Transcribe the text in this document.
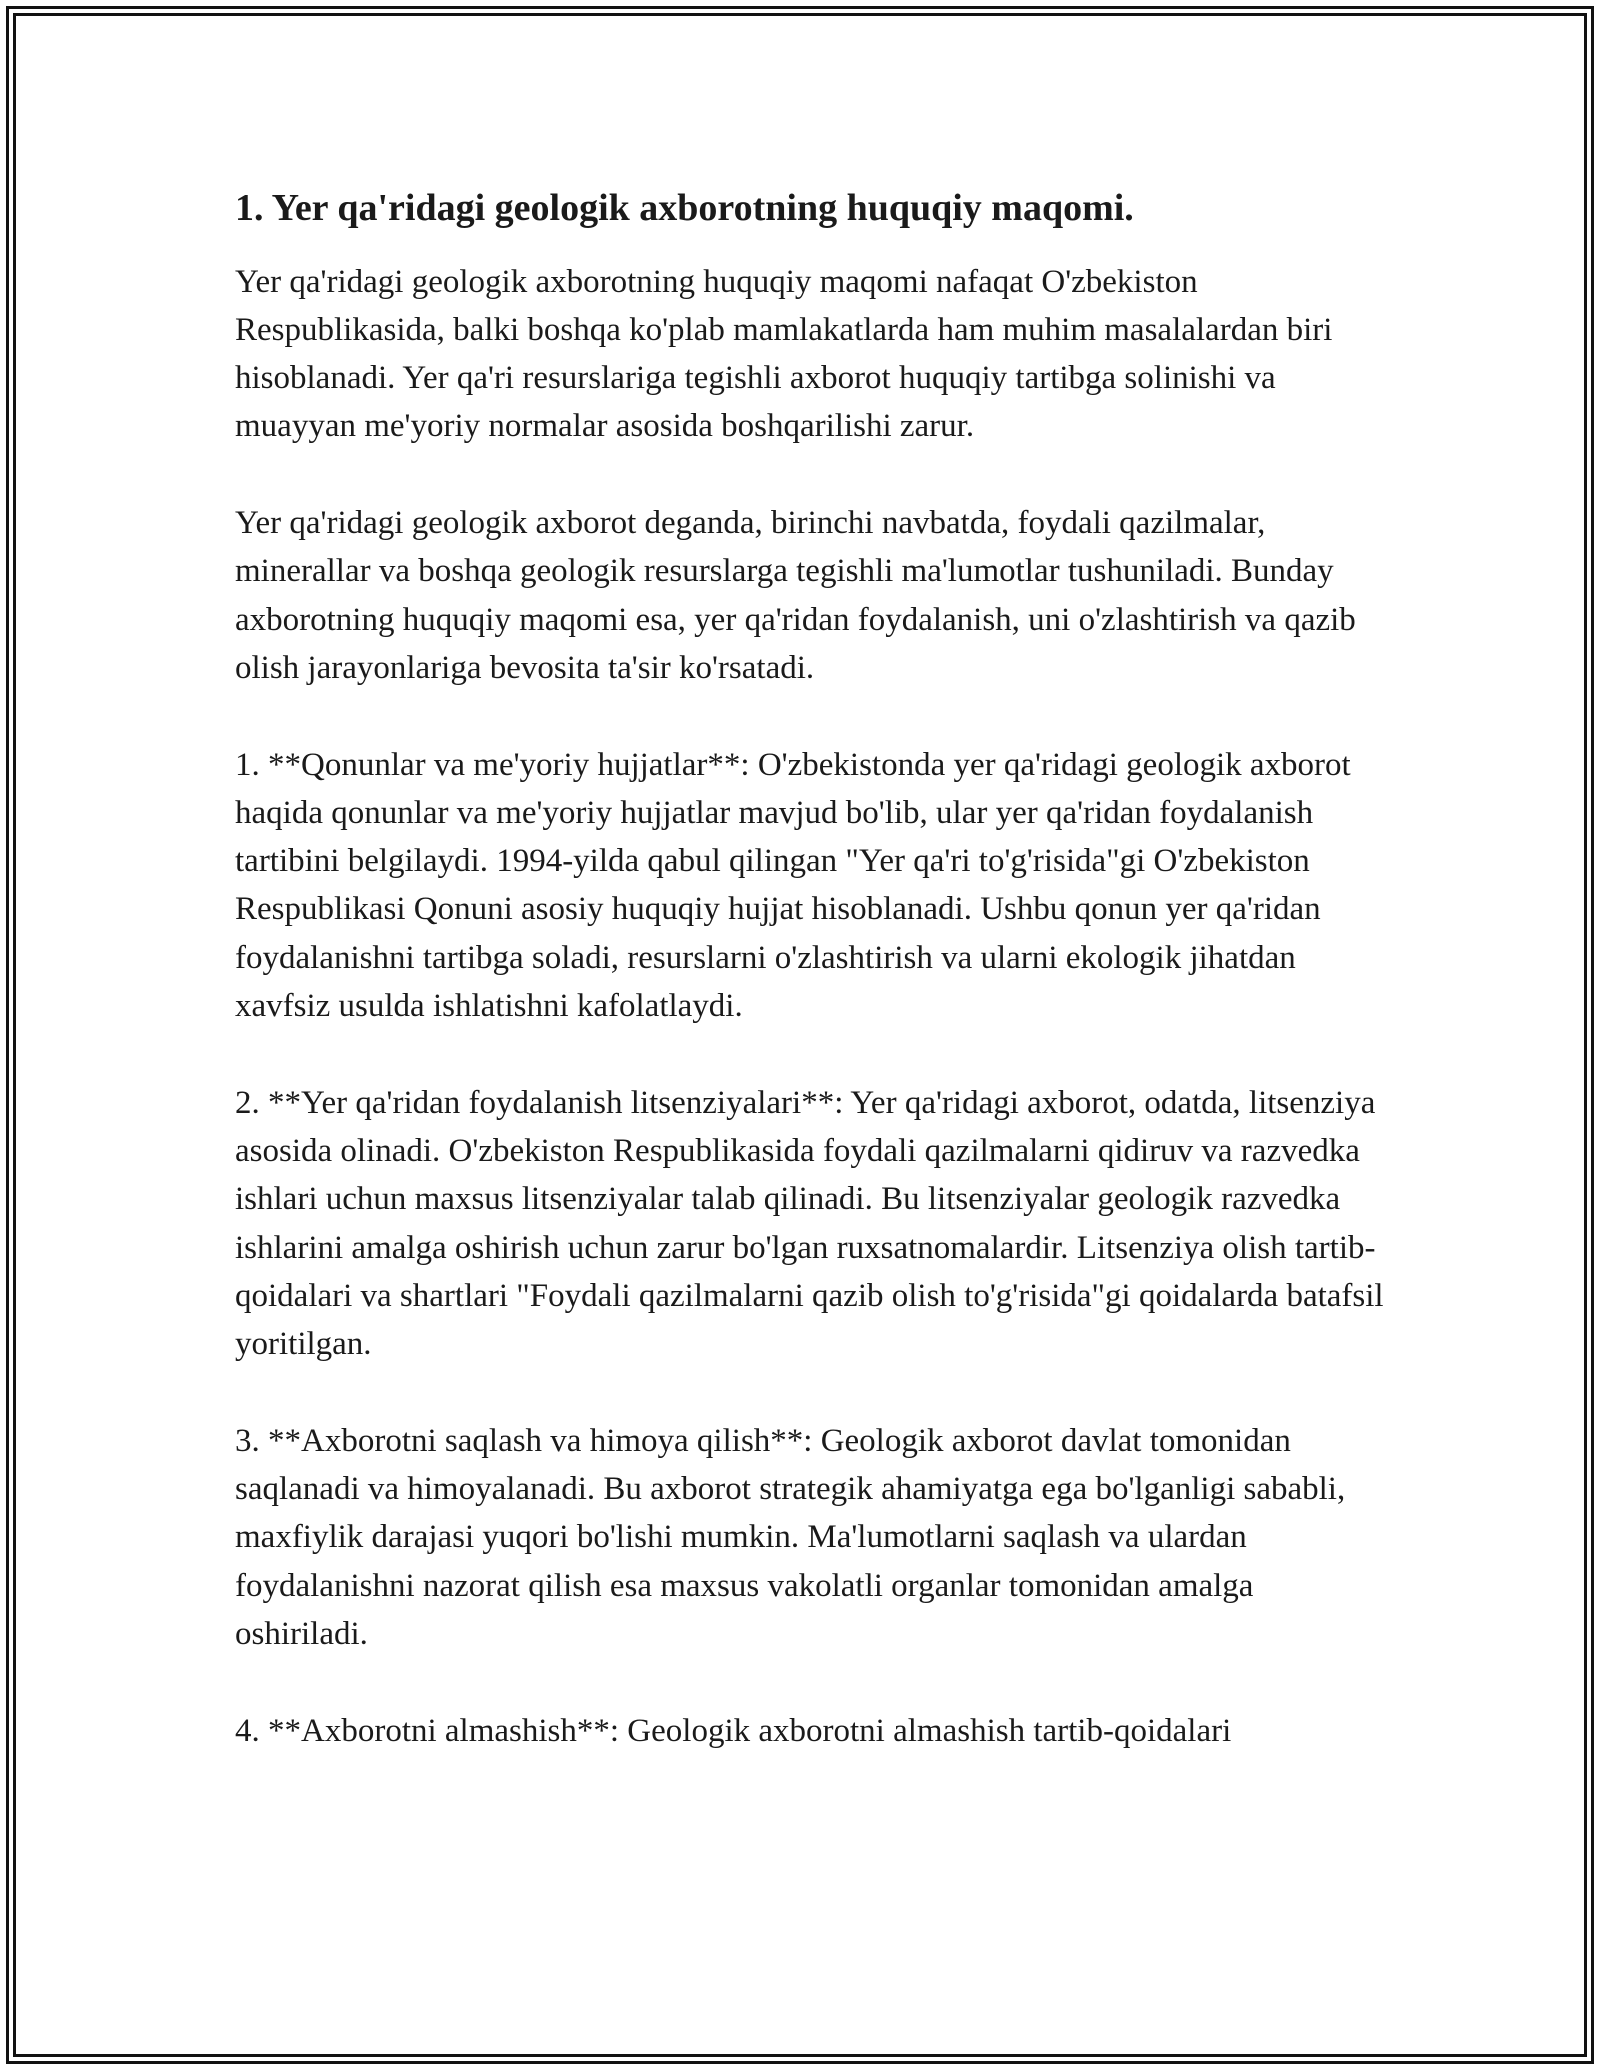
1. Yer qa'ridagi geologik axborotning huquqiy maqomi.

Yer qa'ridagi geologik axborotning huquqiy maqomi nafaqat O'zbekiston Respublikasida, balki boshqa ko'plab mamlakatlarda ham muhim masalalardan biri hisoblanadi. Yer qa'ri resurslariga tegishli axborot huquqiy tartibga solinishi va muayyan me'yoriy normalar asosida boshqarilishi zarur.

Yer qa'ridagi geologik axborot deganda, birinchi navbatda, foydali qazilmalar, minerallar va boshqa geologik resurslarga tegishli ma'lumotlar tushuniladi. Bunday axborotning huquqiy maqomi esa, yer qa'ridan foydalanish, uni o'zlashtirish va qazib olish jarayonlariga bevosita ta'sir ko'rsatadi.

1. **Qonunlar va me'yoriy hujjatlar**: O'zbekistonda yer qa'ridagi geologik axborot haqida qonunlar va me'yoriy hujjatlar mavjud bo'lib, ular yer qa'ridan foydalanish tartibini belgilaydi. 1994-yilda qabul qilingan "Yer qa'ri to'g'risida"gi O'zbekiston Respublikasi Qonuni asosiy huquqiy hujjat hisoblanadi. Ushbu qonun yer qa'ridan foydalanishni tartibga soladi, resurslarni o'zlashtirish va ularni ekologik jihatdan xavfsiz usulda ishlatishni kafolatlaydi.

2. **Yer qa'ridan foydalanish litsenziyalari**: Yer qa'ridagi axborot, odatda, litsenziya asosida olinadi. O'zbekiston Respublikasida foydali qazilmalarni qidiruv va razvedka ishlari uchun maxsus litsenziyalar talab qilinadi. Bu litsenziyalar geologik razvedka ishlarini amalga oshirish uchun zarur bo'lgan ruxsatnomalardir. Litsenziya olish tartib-qoidalari va shartlari "Foydali qazilmalarni qazib olish to'g'risida"gi qoidalarda batafsil yoritilgan.

3. **Axborotni saqlash va himoya qilish**: Geologik axborot davlat tomonidan saqlanadi va himoyalanadi. Bu axborot strategik ahamiyatga ega bo'lganligi sababli, maxfiylik darajasi yuqori bo'lishi mumkin. Ma'lumotlarni saqlash va ulardan foydalanishni nazorat qilish esa maxsus vakolatli organlar tomonidan amalga oshiriladi.

4. **Axborotni almashish**: Geologik axborotni almashish tartib-qoidalari
